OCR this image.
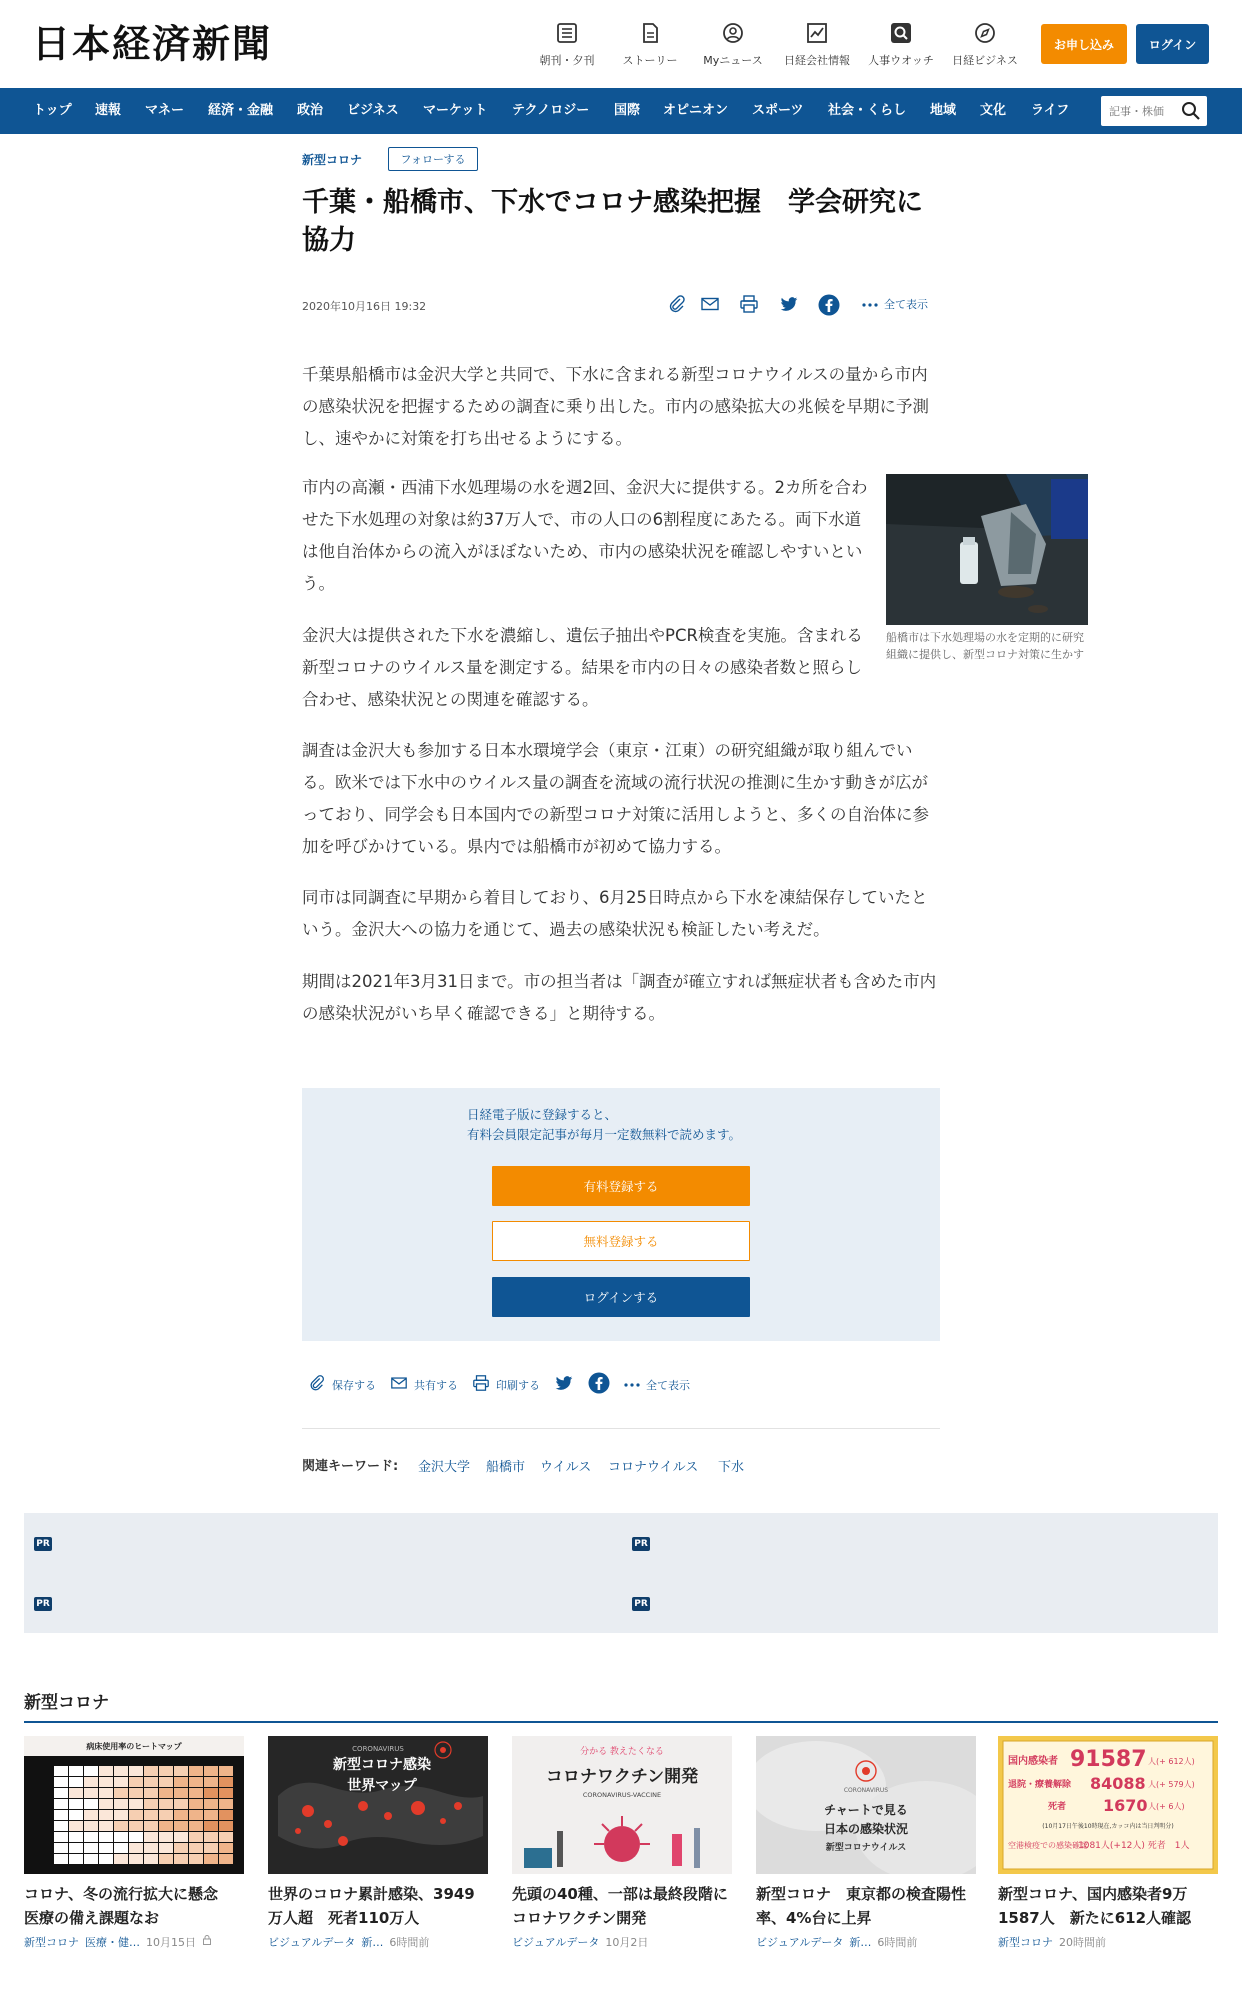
日本経済新聞	朝刊・夕刊	ストーリー Myニュース 日経会社情報 人事ウオッチ 日経ビジネス
お申し込み	ログイン
トップ 速報 マネー 経済・金融 政治 ビジネス マーケット テクノロジー 国際 オピニオン スポーツ 社会・くらし 地域 文化 ライフ
記事・株価
新型コロナ	フォローする
千葉・船橋市、下水でコロナ感染把握　学会研究に協力
2020年10月16日 19:32	全て表示

千葉県船橋市は金沢大学と共同で、下水に含まれる新型コロナウイルスの量から市内の感染状況を把握するための調査に乗り出した。市内の感染拡大の兆候を早期に予測し、速やかに対策を打ち出せるようにする。

市内の高瀬・西浦下水処理場の水を週2回、金沢大に提供する。2カ所を合わせた下水処理の対象は約37万人で、市の人口の6割程度にあたる。両下水道は他自治体からの流入がほぼないため、市内の感染状況を確認しやすいという。

金沢大は提供された下水を濃縮し、遺伝子抽出やPCR検査を実施。含まれる新型コロナのウイルス量を測定する。結果を市内の日々の感染者数と照らし合わせ、感染状況との関連を確認する。

調査は金沢大も参加する日本水環境学会（東京・江東）の研究組織が取り組んでいる。欧米では下水中のウイルス量の調査を流域の流行状況の推測に生かす動きが広がっており、同学会も日本国内での新型コロナ対策に活用しようと、多くの自治体に参加を呼びかけている。県内では船橋市が初めて協力する。

同市は同調査に早期から着目しており、6月25日時点から下水を凍結保存していたという。金沢大への協力を通じて、過去の感染状況も検証したい考えだ。

期間は2021年3月31日まで。市の担当者は「調査が確立すれば無症状者も含めた市内の感染状況がいち早く確認できる」と期待する。

船橋市は下水処理場の水を定期的に研究組織に提供し、新型コロナ対策に生かす
日経電子版に登録すると、
有料会員限定記事が毎月一定数無料で読めます。
有料登録する
無料登録する
ログインする
保存する	共有する	印刷する	全て表示
関連キーワード: 金沢大学 船橋市 ウイルス コロナウイルス 下水
PR	PR
PR	PR
新型コロナ
病床使用率のヒートマップ
コロナ、冬の流行拡大に懸念　医療の備え課題なお
新型コロナ 医療・健… 10月15日
CORONAVIRUS
新型コロナ感染
世界マップ
世界のコロナ累計感染、3949万人超　死者110万人
ビジュアルデータ 新… 6時間前
分かる 教えたくなる
コロナワクチン開発
CORONAVIRUS-VACCINE
先頭の40種、一部は最終段階に　コロナワクチン開発
ビジュアルデータ 10月2日
CORONAVIRUS
チャートで見る
日本の感染状況
新型コロナウイルス
新型コロナ　東京都の検査陽性率、4%台に上昇
ビジュアルデータ 新… 6時間前
国内感染者 91587 人(+ 612人)
退院・療養解除 84088 人(+ 579人)
死者 1670 人(+ 6人)
(10月17日午後10時現在,カッコ内は当日判明分)
空港検疫での感染確認
1081人(+12人) 死者　1人
新型コロナ、国内感染者9万1587人　新たに612人確認
新型コロナ 20時間前
